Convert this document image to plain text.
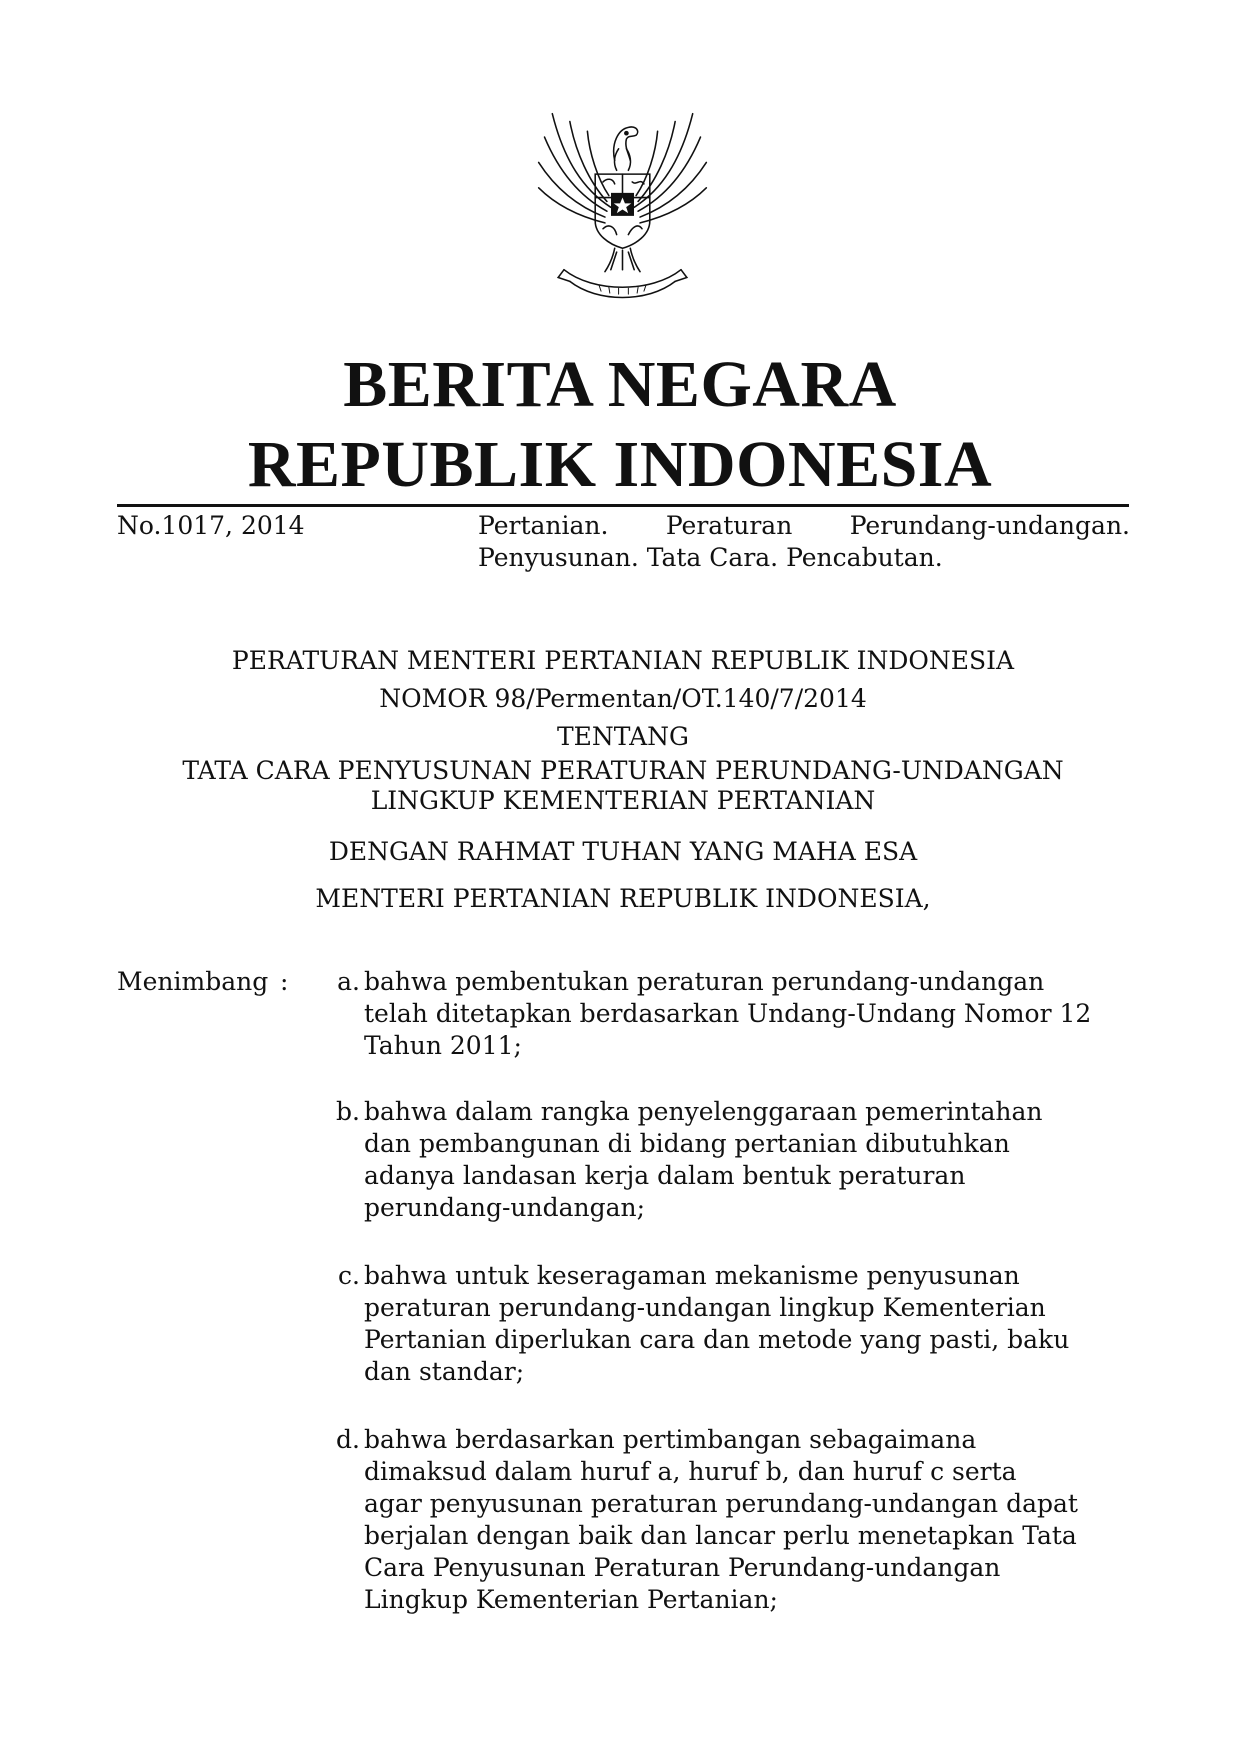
BERITA NEGARA
REPUBLIK INDONESIA
No.1017, 2014	Pertanian. Peraturan Perundang-undangan.
Penyusunan. Tata Cara. Pencabutan.
PERATURAN MENTERI PERTANIAN REPUBLIK INDONESIA
NOMOR 98/Permentan/OT.140/7/2014
TENTANG
TATA CARA PENYUSUNAN PERATURAN PERUNDANG-UNDANGAN
LINGKUP KEMENTERIAN PERTANIAN
DENGAN RAHMAT TUHAN YANG MAHA ESA
MENTERI PERTANIAN REPUBLIK INDONESIA,
Menimbang :	a. bahwa pembentukan peraturan perundang-undangan
telah ditetapkan berdasarkan Undang-Undang Nomor 12
Tahun 2011;
b. bahwa dalam rangka penyelenggaraan pemerintahan
dan pembangunan di bidang pertanian dibutuhkan
adanya landasan kerja dalam bentuk peraturan
perundang-undangan;
c. bahwa untuk keseragaman mekanisme penyusunan
peraturan perundang-undangan lingkup Kementerian
Pertanian diperlukan cara dan metode yang pasti, baku
dan standar;
d. bahwa berdasarkan pertimbangan sebagaimana
dimaksud dalam huruf a, huruf b, dan huruf c serta
agar penyusunan peraturan perundang-undangan dapat
berjalan dengan baik dan lancar perlu menetapkan Tata
Cara Penyusunan Peraturan Perundang-undangan
Lingkup Kementerian Pertanian;
